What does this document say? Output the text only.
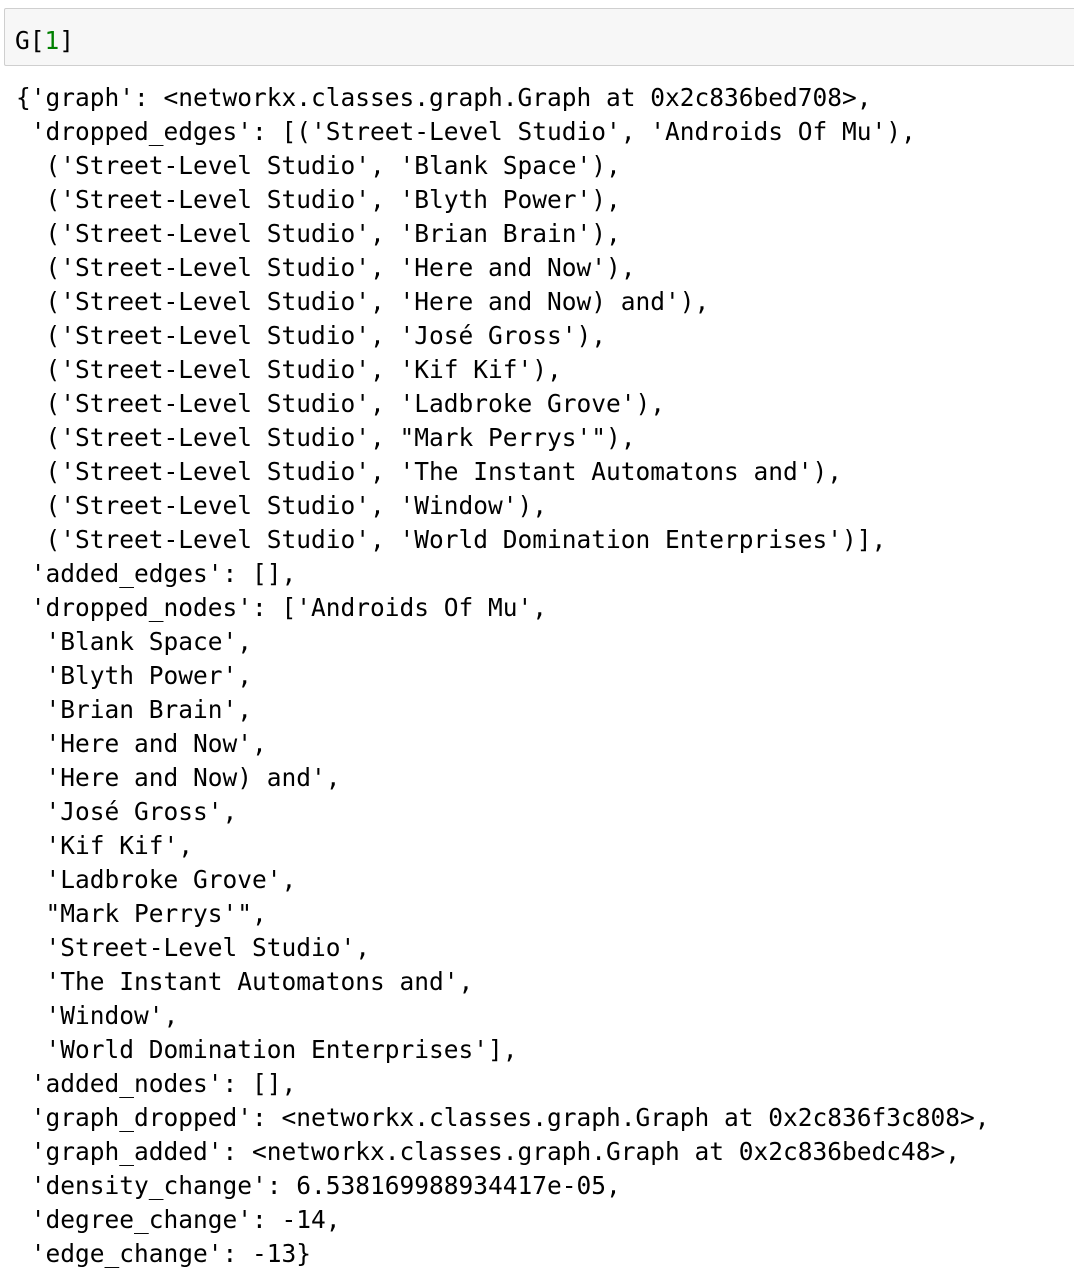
G[1]
{'graph': <networkx.classes.graph.Graph at 0x2c836bed708>,
'dropped_edges': [('Street-Level Studio', 'Androids Of Mu'),
('Street-Level Studio', 'Blank Space'),
('Street-Level Studio', 'Blyth Power'),
('Street-Level Studio', 'Brian Brain'),
('Street-Level Studio', 'Here and Now'),
('Street-Level Studio', 'Here and Now) and'),
('Street-Level Studio', 'José Gross'),
('Street-Level Studio', 'Kif Kif'),
('Street-Level Studio', 'Ladbroke Grove'),
('Street-Level Studio', "Mark Perrys'"),
('Street-Level Studio', 'The Instant Automatons and'),
('Street-Level Studio', 'Window'),
('Street-Level Studio', 'World Domination Enterprises')],
'added_edges': [],
'dropped_nodes': ['Androids Of Mu',
'Blank Space',
'Blyth Power',
'Brian Brain',
'Here and Now',
'Here and Now) and',
'José Gross',
'Kif Kif',
'Ladbroke Grove',
"Mark Perrys'",
'Street-Level Studio',
'The Instant Automatons and',
'Window',
'World Domination Enterprises'],
'added_nodes': [],
'graph_dropped': <networkx.classes.graph.Graph at 0x2c836f3c808>,
'graph_added': <networkx.classes.graph.Graph at 0x2c836bedc48>,
'density_change': 6.538169988934417e-05,
'degree_change': -14,
'edge_change': -13}
